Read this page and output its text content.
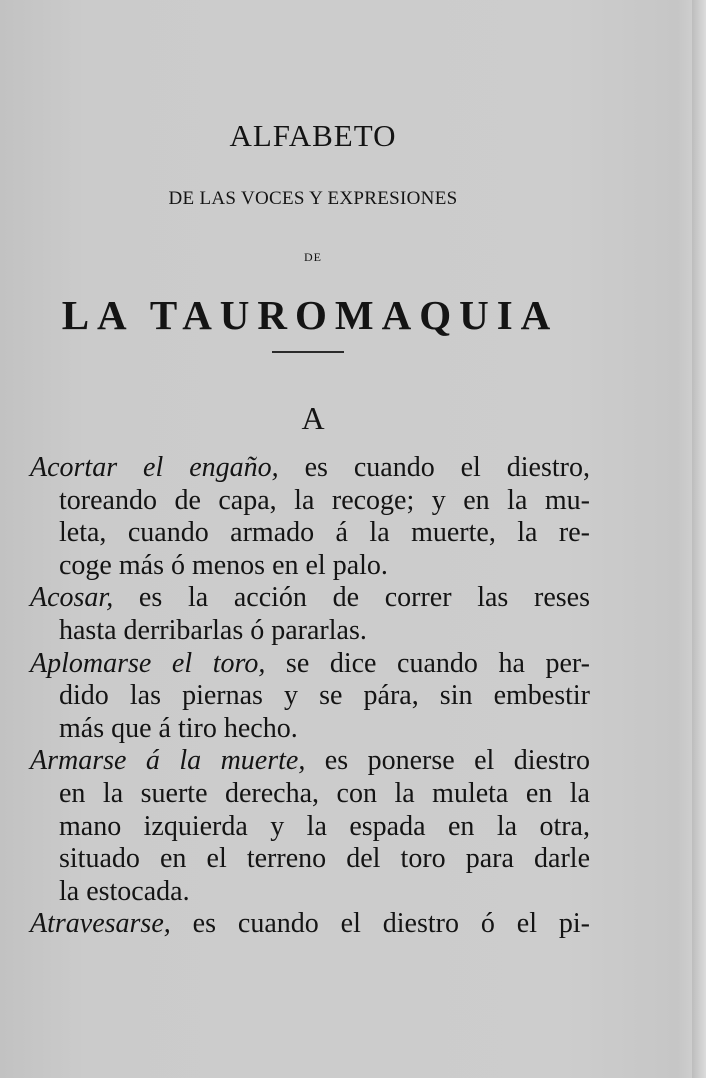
ALFABETO
DE LAS VOCES Y EXPRESIONES
DE
LA TAUROMAQUIA
A
Acortar el engaño, es cuando el diestro,
toreando de capa, la recoge; y en la mu-
leta, cuando armado á la muerte, la re-
coge más ó menos en el palo.
Acosar, es la acción de correr las reses
hasta derribarlas ó pararlas.
Aplomarse el toro, se dice cuando ha per-
dido las piernas y se pára, sin embestir
más que á tiro hecho.
Armarse á la muerte, es ponerse el diestro
en la suerte derecha, con la muleta en la
mano izquierda y la espada en la otra,
situado en el terreno del toro para darle
la estocada.
Atravesarse, es cuando el diestro ó el pi-
